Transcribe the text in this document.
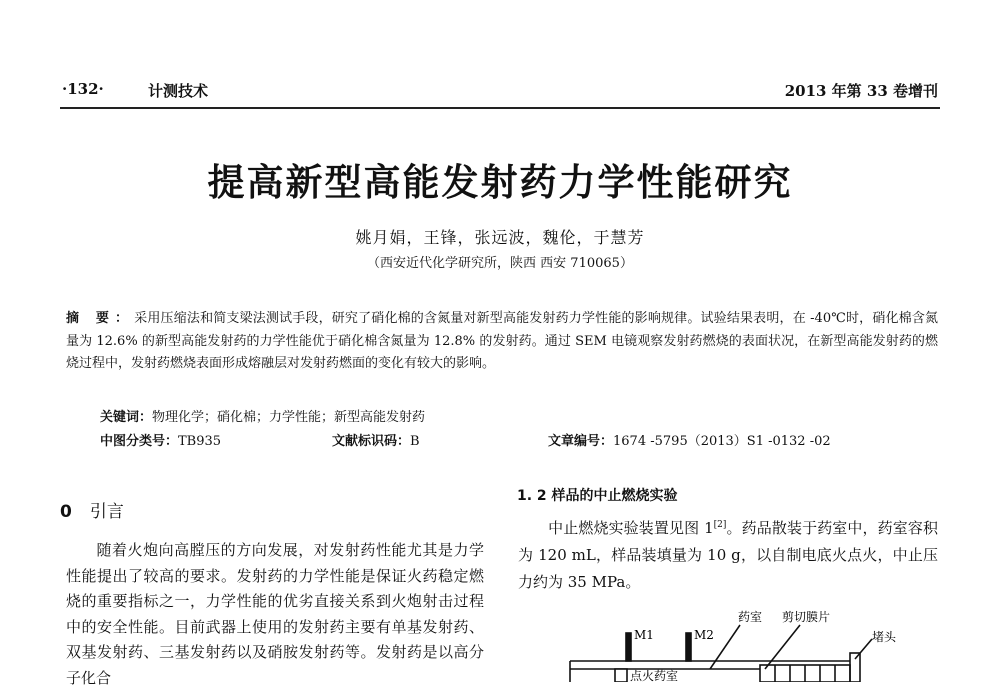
·132·	计测技术	2013 年第 33 卷增刊
提高新型高能发射药力学性能研究
姚月娟，王锋，张远波，魏伦，于慧芳
（西安近代化学研究所，陕西 西安 710065）
摘 要：采用压缩法和简支梁法测试手段，研究了硝化棉的含氮量对新型高能发射药力学性能的影响规律。试验结果表明，在 -40℃时，硝化棉含氮量为 12.6% 的新型高能发射药的力学性能优于硝化棉含氮量为 12.8% 的发射药。通过 SEM 电镜观察发射药燃烧的表面状况，在新型高能发射药的燃烧过程中，发射药燃烧表面形成熔融层对发射药燃面的变化有较大的影响。
关键词：物理化学；硝化棉；力学性能；新型高能发射药
中图分类号：TB935	文献标识码：B	文章编号：1674 -5795（2013）S1 -0132 -02
0 引言
随着火炮向高膛压的方向发展，对发射药性能尤其是力学性能提出了较高的要求。发射药的力学性能是保证火药稳定燃烧的重要指标之一，力学性能的优劣直接关系到火炮射击过程中的安全性能。目前武器上使用的发射药主要有单基发射药、双基发射药、三基发射药以及硝胺发射药等。发射药是以高分子化合
1. 2 样品的中止燃烧实验
中止燃烧实验装置见图 1[2]。药品散装于药室中，药室容积为 120 mL，样品装填量为 10 g，以自制电底火点火，中止压力约为 35 MPa。
M1	M2
药室 剪切膜片
堵头
点火药室
